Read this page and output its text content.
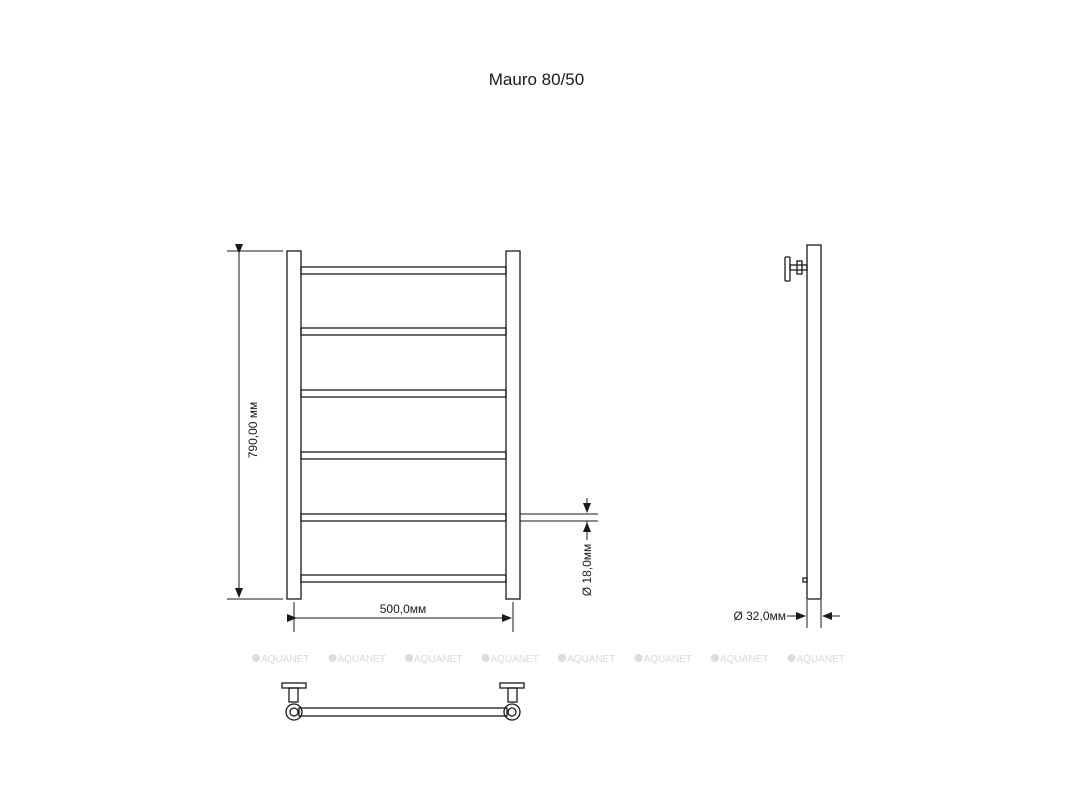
Mauro 80/50
790,00 мм
500,0мм
Ø 18,0мм
Ø 32,0мм
AQUANET	AQUANET	AQUANET	AQUANET	AQUANET	AQUANET	AQUANET	AQUANET
